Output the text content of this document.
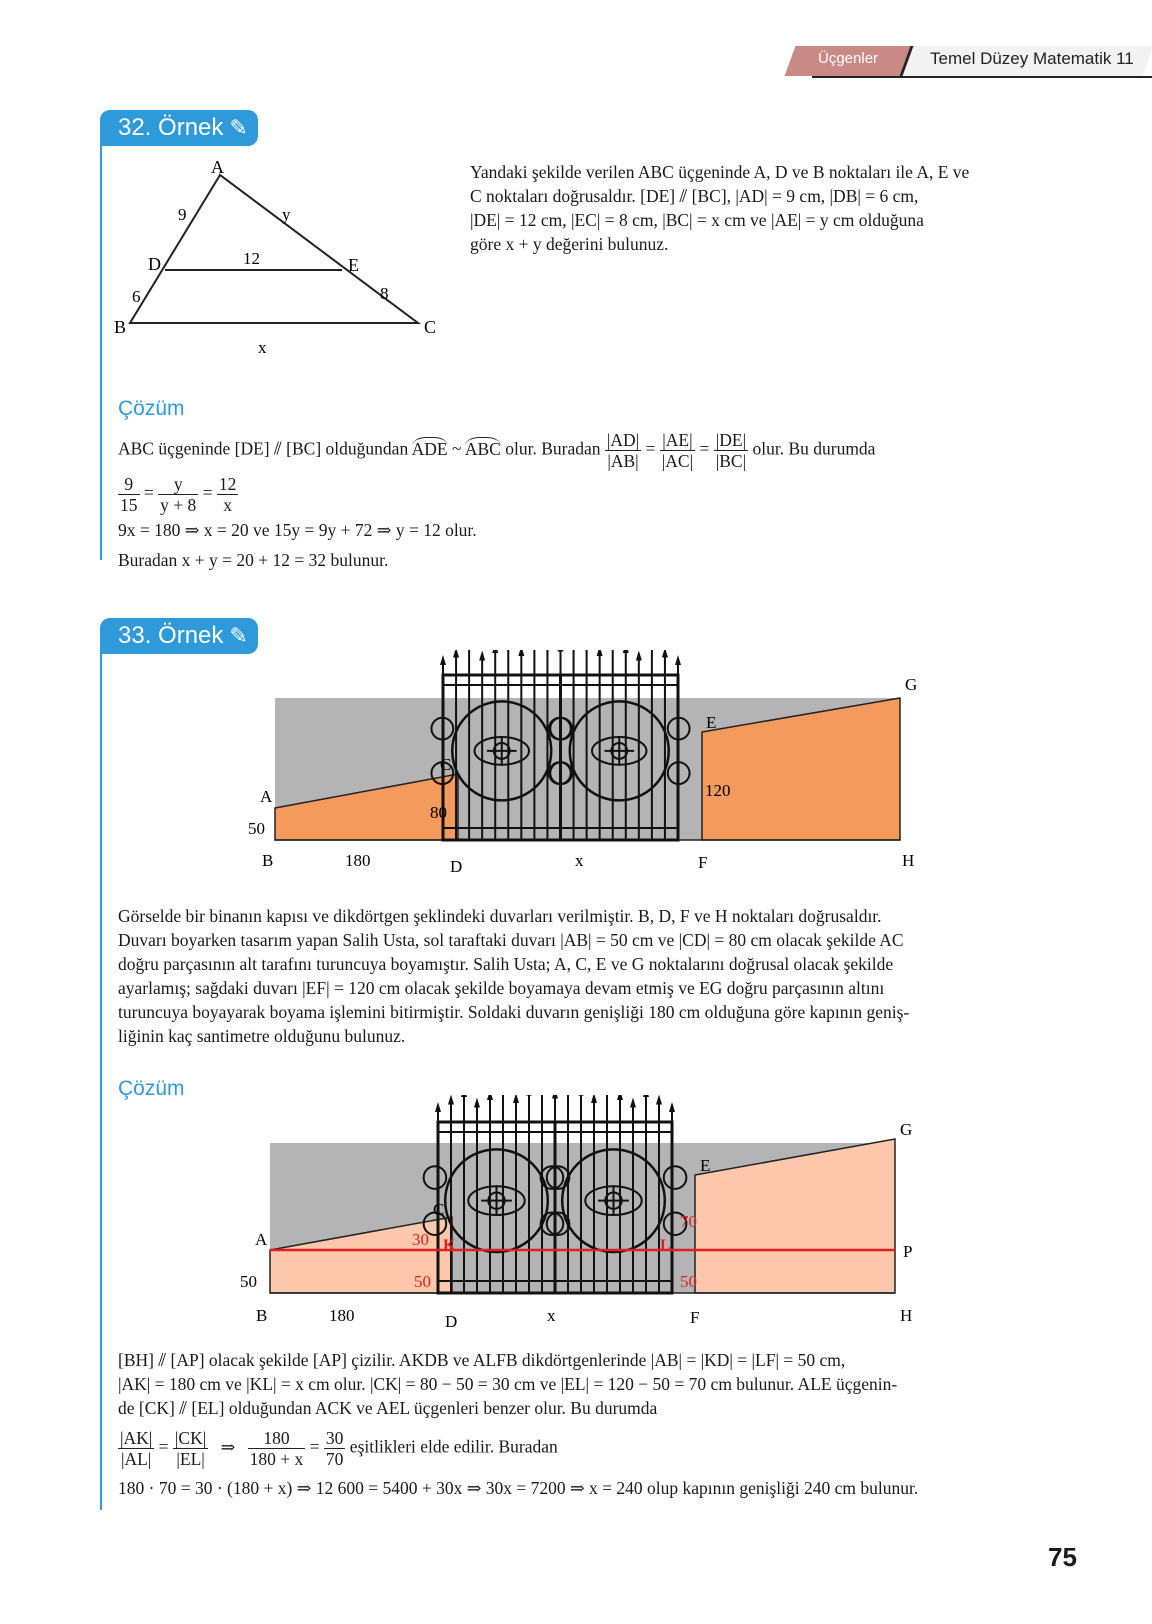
Üçgenler	Temel Düzey Matematik 11
32. Örnek ✎
A
B	C
D	E
9	y
12
6	8
x
Yandaki şekilde verilen ABC üçgeninde A, D ve B noktaları ile A, E ve
C noktaları doğrusaldır. [DE] ⫽ [BC], |AD| = 9 cm, |DB| = 6 cm,
|DE| = 12 cm, |EC| = 8 cm, |BC| = x cm ve |AE| = y cm olduğuna
göre x + y değerini bulunuz.
Çözüm
ABC üçgeninde [DE] ⫽ [BC] olduğundan ADE ~ ABC olur. Buradan $\frac{|AD|}{|AB|} = \frac{|AE|}{|AC|} = \frac{|DE|}{|BC|}$ olur. Bu durumda
$\frac{9}{15} = \frac{y}{y + 8} = \frac{12}{x}$
9x = 180 ⇒ x = 20 ve 15y = 9y + 72 ⇒ y = 12 olur.
Buradan x + y = 20 + 12 = 32 bulunur.
33. Örnek ✎
A
B
C
D
E
F
G
H
50
80
120
180	x
Görselde bir binanın kapısı ve dikdörtgen şeklindeki duvarları verilmiştir. B, D, F ve H noktaları doğrusaldır.
Duvarı boyarken tasarım yapan Salih Usta, sol taraftaki duvarı |AB| = 50 cm ve |CD| = 80 cm olacak şekilde AC
doğru parçasının alt tarafını turuncuya boyamıştır. Salih Usta; A, C, E ve G noktalarını doğrusal olacak şekilde
ayarlamış; sağdaki duvarı |EF| = 120 cm olacak şekilde boyamaya devam etmiş ve EG doğru parçasının altını
turuncuya boyayarak boyama işlemini bitirmiştir. Soldaki duvarın genişliği 180 cm olduğuna göre kapının geniş-
liğinin kaç santimetre olduğunu bulunuz.
Çözüm
A
B
C
D
E
F
G
H
K	L	P
50	50	50
30
70
180	x
[BH] ⫽ [AP] olacak şekilde [AP] çizilir. AKDB ve ALFB dikdörtgenlerinde |AB| = |KD| = |LF| = 50 cm,
|AK| = 180 cm ve |KL| = x cm olur. |CK| = 80 − 50 = 30 cm ve |EL| = 120 − 50 = 70 cm bulunur. ALE üçgenin-
de [CK] ⫽ [EL] olduğundan ACK ve AEL üçgenleri benzer olur. Bu durumda
$\frac{|AK|}{|AL|} = \frac{|CK|}{|EL|}$ ⇒ $\frac{180}{180 + x} = \frac{30}{70}$ eşitlikleri elde edilir. Buradan
180 · 70 = 30 · (180 + x) ⇒ 12 600 = 5400 + 30x ⇒ 30x = 7200 ⇒ x = 240 olup kapının genişliği 240 cm bulunur.
75
